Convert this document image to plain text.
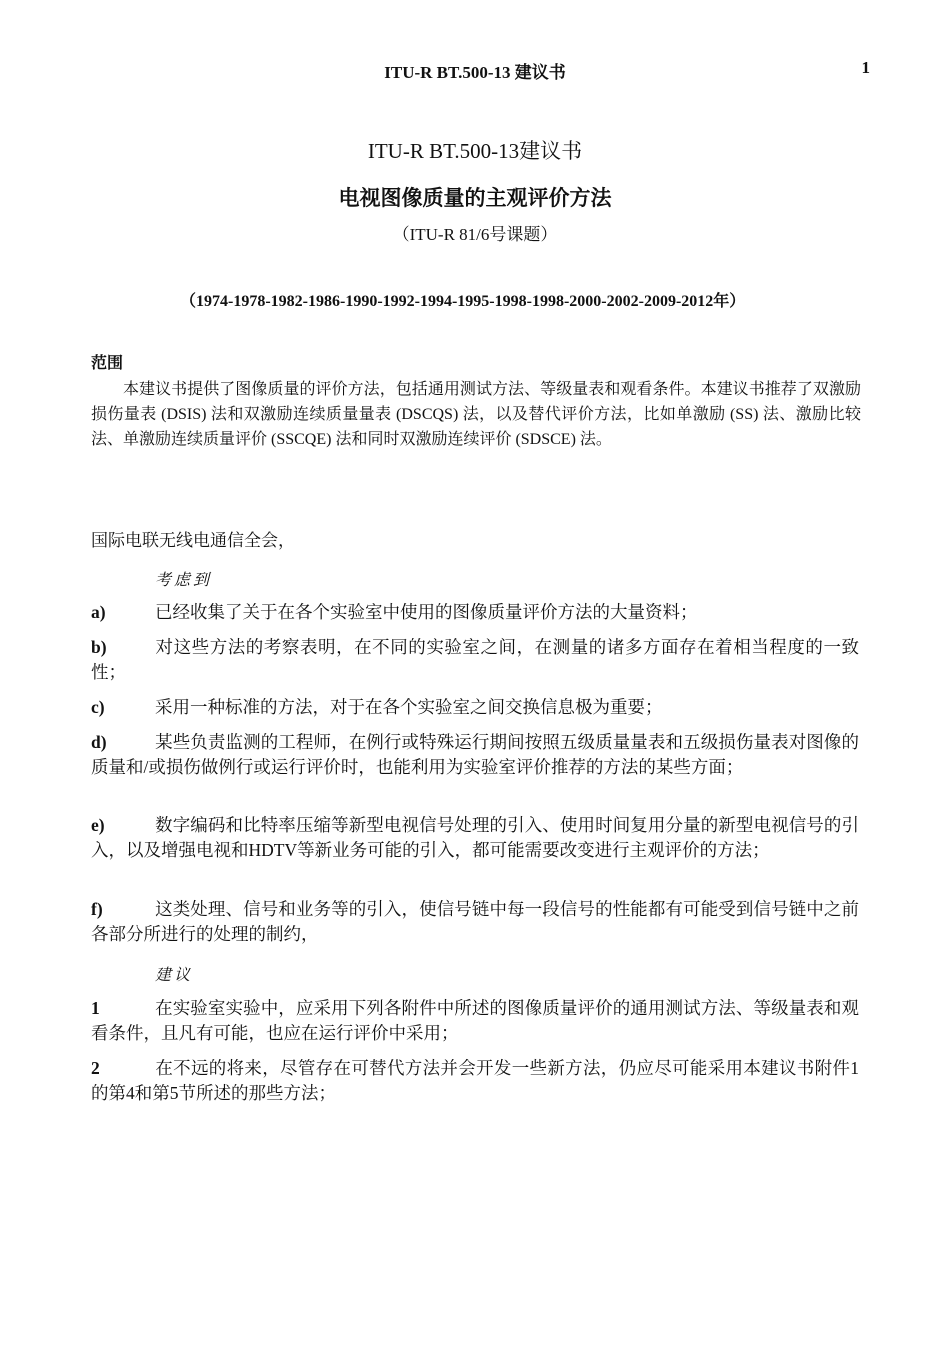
ITU-R BT.500-13 建议书	1
ITU-R BT.500-13建议书
电视图像质量的主观评价方法
（ITU-R 81/6号课题）
（1974-1978-1982-1986-1990-1992-1994-1995-1998-1998-2000-2002-2009-2012年）
范围
本建议书提供了图像质量的评价方法，包括通用测试方法、等级量表和观看条件。本建议书推荐了双激励损伤量表 (DSIS) 法和双激励连续质量量表 (DSCQS) 法，以及替代评价方法，比如单激励 (SS) 法、激励比较法、单激励连续质量评价 (SSCQE) 法和同时双激励连续评价 (SDSCE) 法。
国际电联无线电通信全会，
考虑到
a)	已经收集了关于在各个实验室中使用的图像质量评价方法的大量资料；
b)	对这些方法的考察表明，在不同的实验室之间，在测量的诸多方面存在着相当程度的一致性；
c)	采用一种标准的方法，对于在各个实验室之间交换信息极为重要；
d)	某些负责监测的工程师，在例行或特殊运行期间按照五级质量量表和五级损伤量表对图像的质量和/或损伤做例行或运行评价时，也能利用为实验室评价推荐的方法的某些方面；
e)	数字编码和比特率压缩等新型电视信号处理的引入、使用时间复用分量的新型电视信号的引入，以及增强电视和HDTV等新业务可能的引入，都可能需要改变进行主观评价的方法；
f)	这类处理、信号和业务等的引入，使信号链中每一段信号的性能都有可能受到信号链中之前各部分所进行的处理的制约，
建议
1	在实验室实验中，应采用下列各附件中所述的图像质量评价的通用测试方法、等级量表和观看条件，且凡有可能，也应在运行评价中采用；
2	在不远的将来，尽管存在可替代方法并会开发一些新方法，仍应尽可能采用本建议书附件1的第4和第5节所述的那些方法；
